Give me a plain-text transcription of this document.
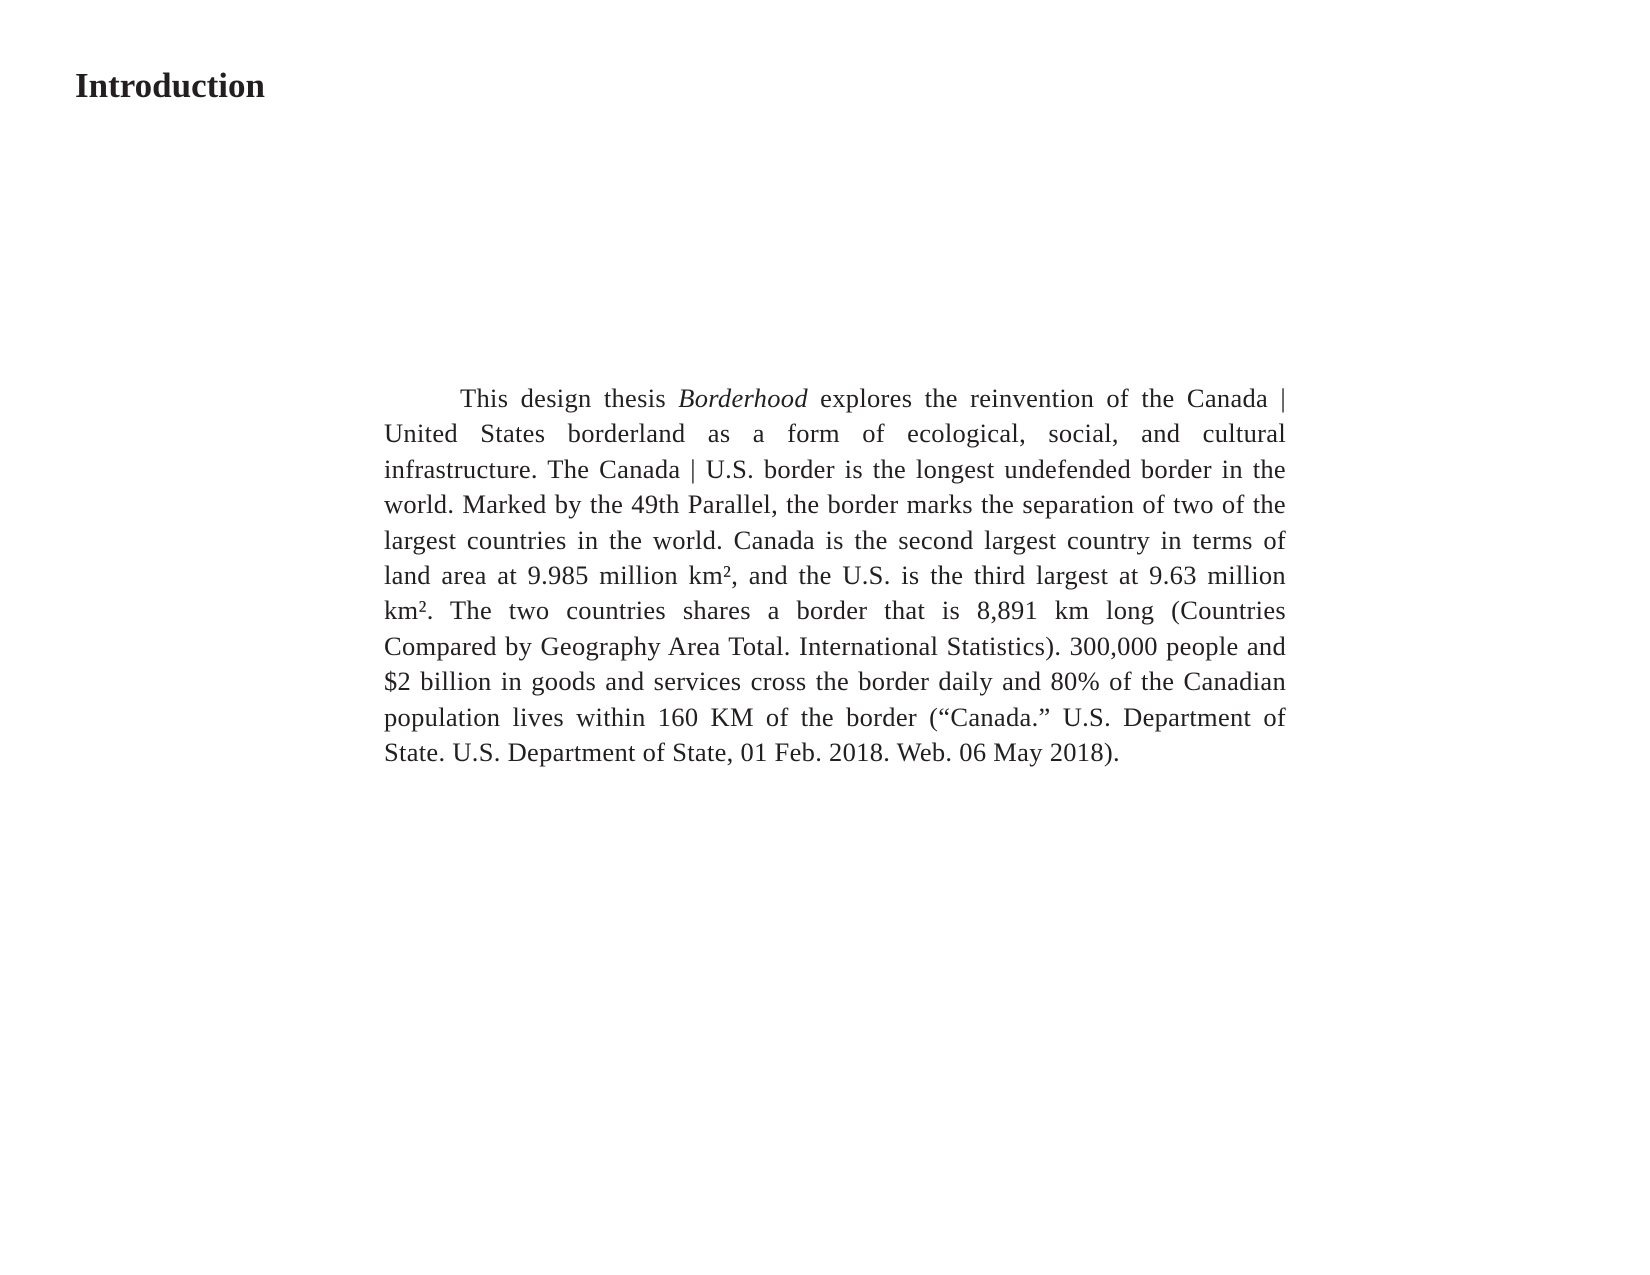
Introduction

This design thesis Borderhood explores the reinvention of the Canada | United States borderland as a form of ecological, social, and cultural infrastructure. The Canada | U.S. border is the longest undefended border in the world. Marked by the 49th Parallel, the border marks the separation of two of the largest countries in the world. Canada is the second largest country in terms of land area at 9.985 million km², and the U.S. is the third largest at 9.63 million km². The two countries shares a border that is 8,891 km long (Countries Compared by Geography Area Total. International Statistics). 300,000 people and $2 billion in goods and services cross the border daily and 80% of the Canadian population lives within 160 KM of the border (“Canada.” U.S. Department of State. U.S. Department of State, 01 Feb. 2018. Web. 06 May 2018).
